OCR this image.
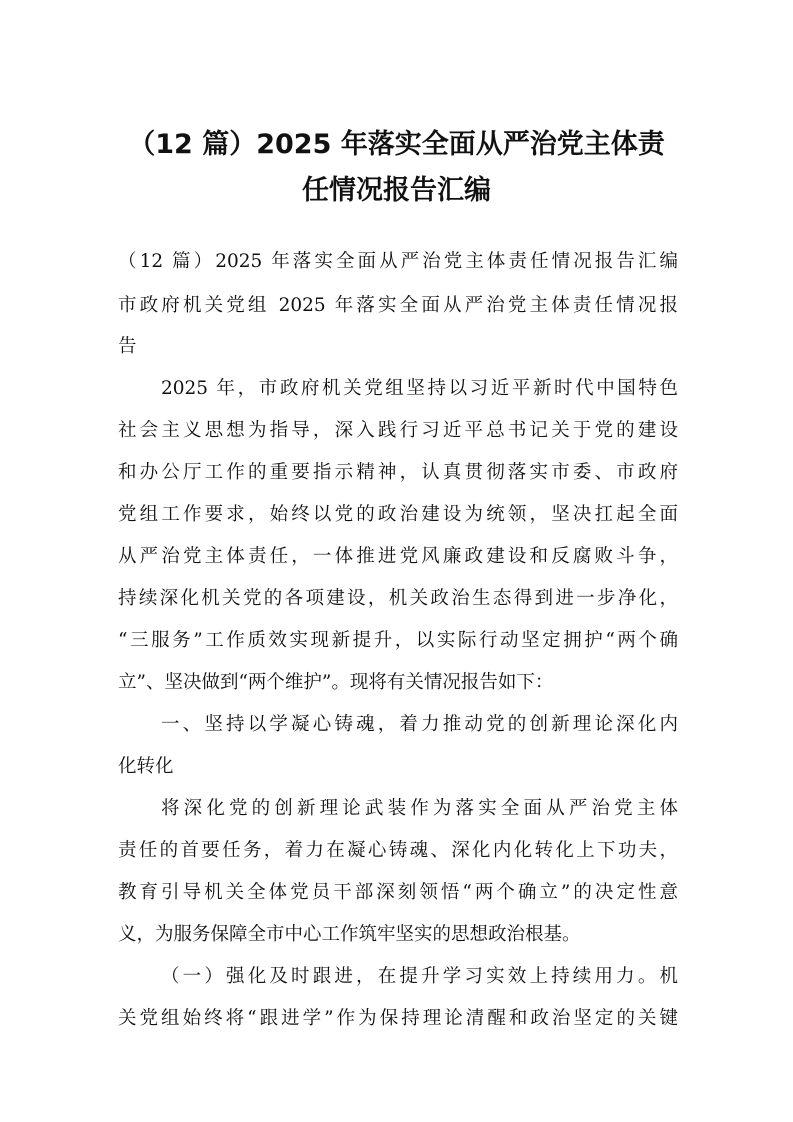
（12 篇）2025 年落实全面从严治党主体责
任情况报告汇编

（12 篇）2025 年落实全面从严治党主体责任情况报告汇编

市政府机关党组 2025 年落实全面从严治党主体责任情况报

告

2025 年，市政府机关党组坚持以习近平新时代中国特色

社会主义思想为指导，深入践行习近平总书记关于党的建设

和办公厅工作的重要指示精神，认真贯彻落实市委、市政府

党组工作要求，始终以党的政治建设为统领，坚决扛起全面

从严治党主体责任，一体推进党风廉政建设和反腐败斗争，

持续深化机关党的各项建设，机关政治生态得到进一步净化，

“三服务”工作质效实现新提升，以实际行动坚定拥护“两个确

立”、坚决做到“两个维护”。现将有关情况报告如下：

一、坚持以学凝心铸魂，着力推动党的创新理论深化内

化转化

将深化党的创新理论武装作为落实全面从严治党主体

责任的首要任务，着力在凝心铸魂、深化内化转化上下功夫，

教育引导机关全体党员干部深刻领悟“两个确立”的决定性意

义，为服务保障全市中心工作筑牢坚实的思想政治根基。

（一）强化及时跟进，在提升学习实效上持续用力。机

关党组始终将“跟进学”作为保持理论清醒和政治坚定的关键
